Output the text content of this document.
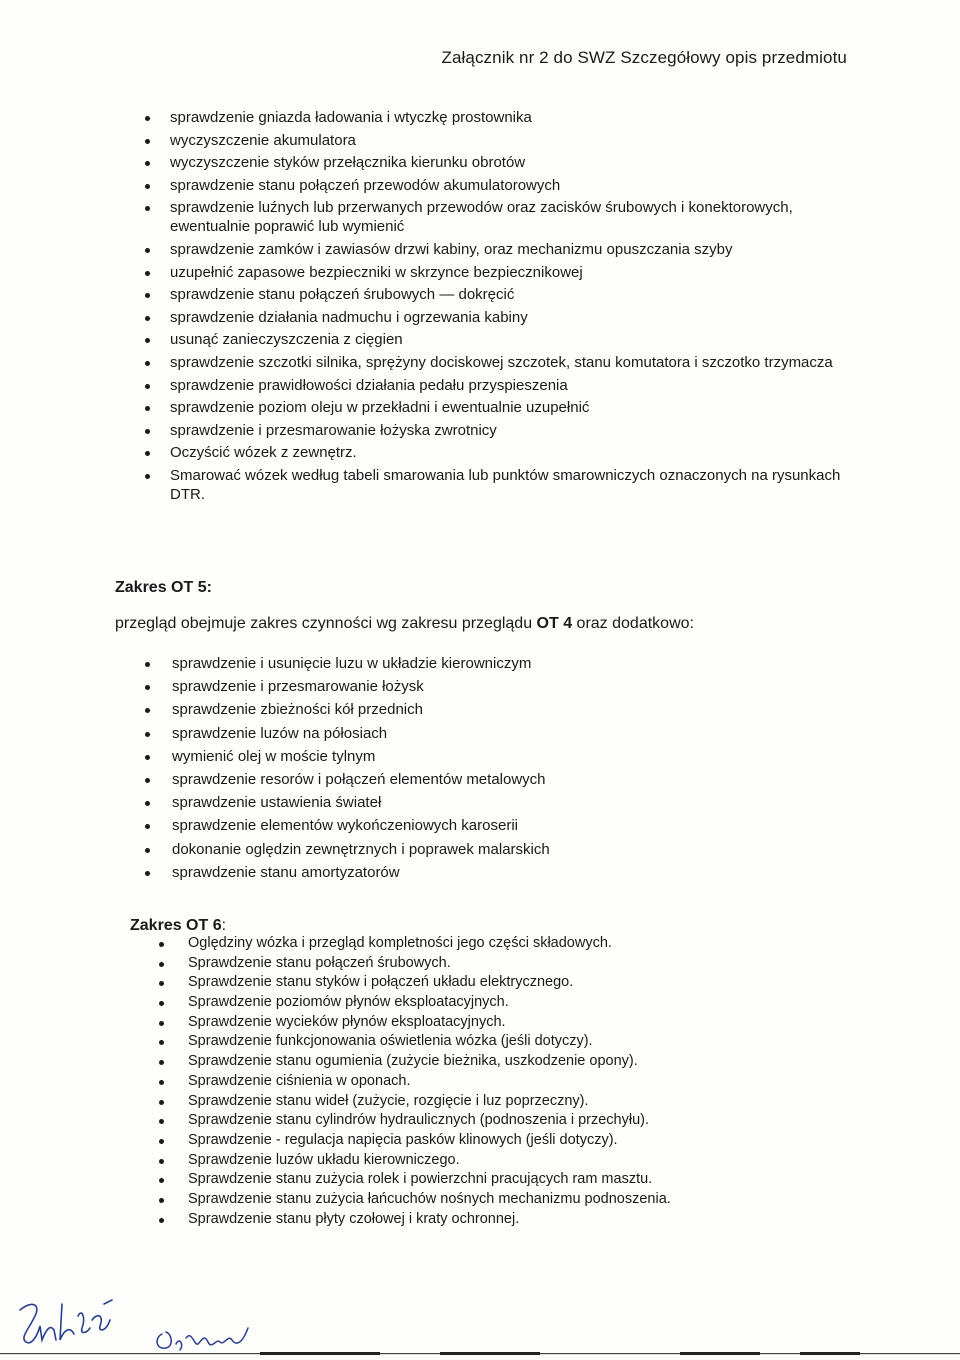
Załącznik nr 2 do SWZ Szczegółowy opis przedmiotu
sprawdzenie gniazda ładowania i wtyczkę prostownika
wyczyszczenie akumulatora
wyczyszczenie styków przełącznika kierunku obrotów
sprawdzenie stanu połączeń przewodów akumulatorowych
sprawdzenie luźnych lub przerwanych przewodów oraz zacisków śrubowych i konektorowych, ewentualnie poprawić lub wymienić
sprawdzenie zamków i zawiasów drzwi kabiny, oraz mechanizmu opuszczania szyby
uzupełnić zapasowe bezpieczniki w skrzynce bezpiecznikowej
sprawdzenie stanu połączeń śrubowych — dokręcić
sprawdzenie działania nadmuchu i ogrzewania kabiny
usunąć zanieczyszczenia z cięgien
sprawdzenie szczotki silnika, sprężyny dociskowej szczotek, stanu komutatora i szczotko trzymacza
sprawdzenie prawidłowości działania pedału przyspieszenia
sprawdzenie poziom oleju w przekładni i ewentualnie uzupełnić
sprawdzenie i przesmarowanie łożyska zwrotnicy
Oczyścić wózek z zewnętrz.
Smarować wózek według tabeli smarowania lub punktów smarowniczych oznaczonych na rysunkach DTR.
Zakres OT 5:
przegląd obejmuje zakres czynności wg zakresu przeglądu OT 4 oraz dodatkowo:
sprawdzenie i usunięcie luzu w układzie kierowniczym
sprawdzenie i przesmarowanie łożysk
sprawdzenie zbieżności kół przednich
sprawdzenie luzów na półosiach
wymienić olej w moście tylnym
sprawdzenie resorów i połączeń elementów metalowych
sprawdzenie ustawienia świateł
sprawdzenie elementów wykończeniowych karoserii
dokonanie oględzin zewnętrznych i poprawek malarskich
sprawdzenie stanu amortyzatorów
Zakres OT 6:
Oględziny wózka i przegląd kompletności jego części składowych.
Sprawdzenie stanu połączeń śrubowych.
Sprawdzenie stanu styków i połączeń układu elektrycznego.
Sprawdzenie poziomów płynów eksploatacyjnych.
Sprawdzenie wycieków płynów eksploatacyjnych.
Sprawdzenie funkcjonowania oświetlenia wózka (jeśli dotyczy).
Sprawdzenie stanu ogumienia (zużycie bieżnika, uszkodzenie opony).
Sprawdzenie ciśnienia w oponach.
Sprawdzenie stanu wideł (zużycie, rozgięcie i luz poprzeczny).
Sprawdzenie stanu cylindrów hydraulicznych (podnoszenia i przechyłu).
Sprawdzenie - regulacja napięcia pasków klinowych (jeśli dotyczy).
Sprawdzenie luzów układu kierowniczego.
Sprawdzenie stanu zużycia rolek i powierzchni pracujących ram masztu.
Sprawdzenie stanu zużycia łańcuchów nośnych mechanizmu podnoszenia.
Sprawdzenie stanu płyty czołowej i kraty ochronnej.
